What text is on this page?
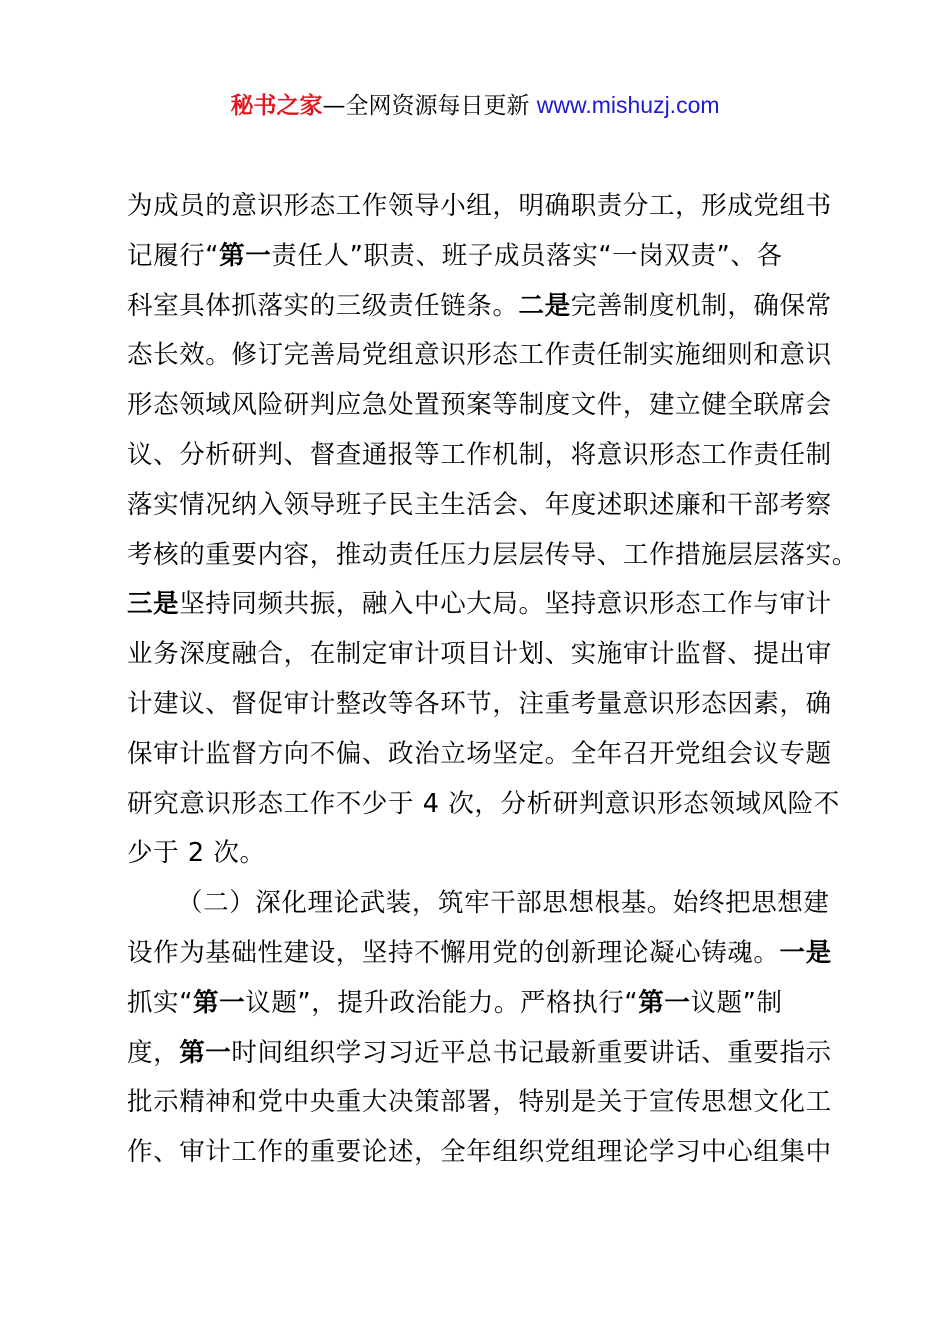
秘书之家—全网资源每日更新 www.mishuzj.com
为成员的意识形态工作领导小组，明确职责分工，形成党组书
记履行“第一责任人”职责、班子成员落实“一岗双责”、各
科室具体抓落实的三级责任链条。二是完善制度机制，确保常
态长效。修订完善局党组意识形态工作责任制实施细则和意识
形态领域风险研判应急处置预案等制度文件，建立健全联席会
议、分析研判、督查通报等工作机制，将意识形态工作责任制
落实情况纳入领导班子民主生活会、年度述职述廉和干部考察
考核的重要内容，推动责任压力层层传导、工作措施层层落实。
三是坚持同频共振，融入中心大局。坚持意识形态工作与审计
业务深度融合，在制定审计项目计划、实施审计监督、提出审
计建议、督促审计整改等各环节，注重考量意识形态因素，确
保审计监督方向不偏、政治立场坚定。全年召开党组会议专题
研究意识形态工作不少于 4 次，分析研判意识形态领域风险不
少于 2 次。
（二）深化理论武装，筑牢干部思想根基。始终把思想建
设作为基础性建设，坚持不懈用党的创新理论凝心铸魂。一是
抓实“第一议题”，提升政治能力。严格执行“第一议题”制
度，第一时间组织学习习近平总书记最新重要讲话、重要指示
批示精神和党中央重大决策部署，特别是关于宣传思想文化工
作、审计工作的重要论述，全年组织党组理论学习中心组集中
